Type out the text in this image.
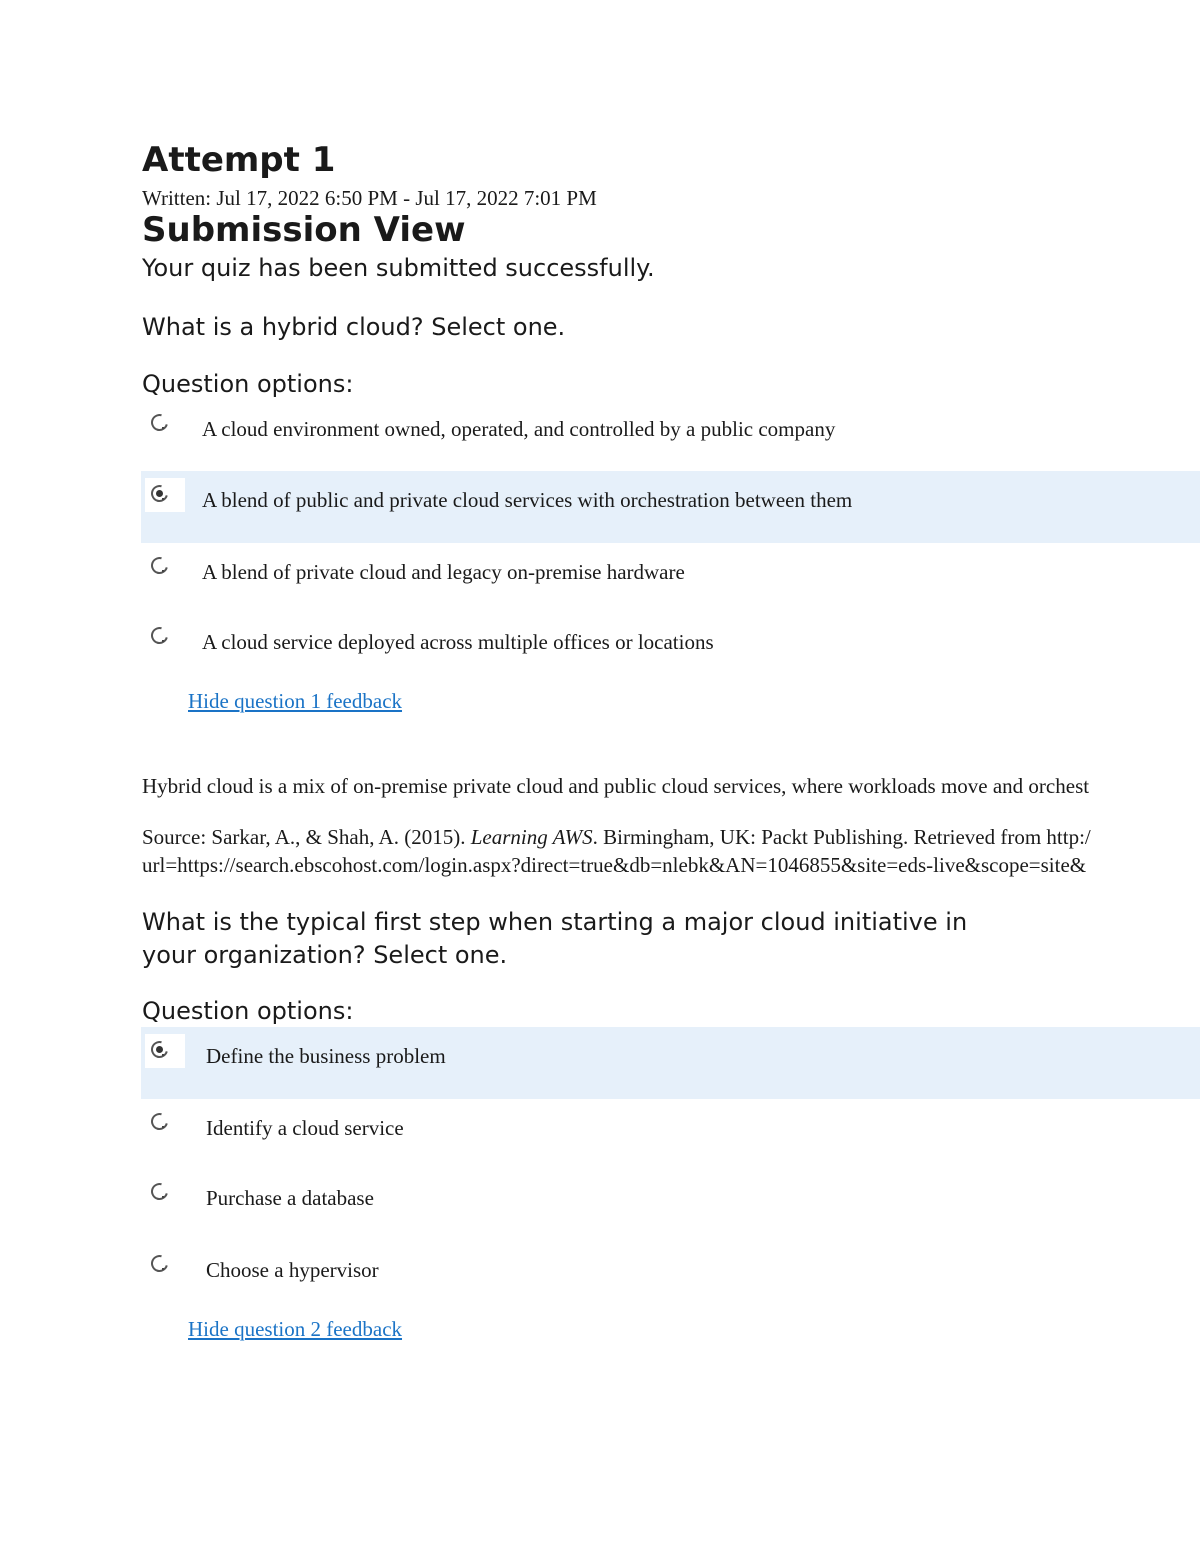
Attempt 1
Written: Jul 17, 2022 6:50 PM - Jul 17, 2022 7:01 PM
Submission View
Your quiz has been submitted successfully.
What is a hybrid cloud? Select one.
Question options:
A cloud environment owned, operated, and controlled by a public company
A blend of public and private cloud services with orchestration between them
A blend of private cloud and legacy on-premise hardware
A cloud service deployed across multiple offices or locations
Hide question 1 feedback
Hybrid cloud is a mix of on-premise private cloud and public cloud services, where workloads move and orchest
Source: Sarkar, A., & Shah, A. (2015). Learning AWS. Birmingham, UK: Packt Publishing. Retrieved from http:/
url=https://search.ebscohost.com/login.aspx?direct=true&db=nlebk&AN=1046855&site=eds-live&scope=site&
What is the typical first step when starting a major cloud initiative in your organization? Select one.
Question options:
Define the business problem
Identify a cloud service
Purchase a database
Choose a hypervisor
Hide question 2 feedback
